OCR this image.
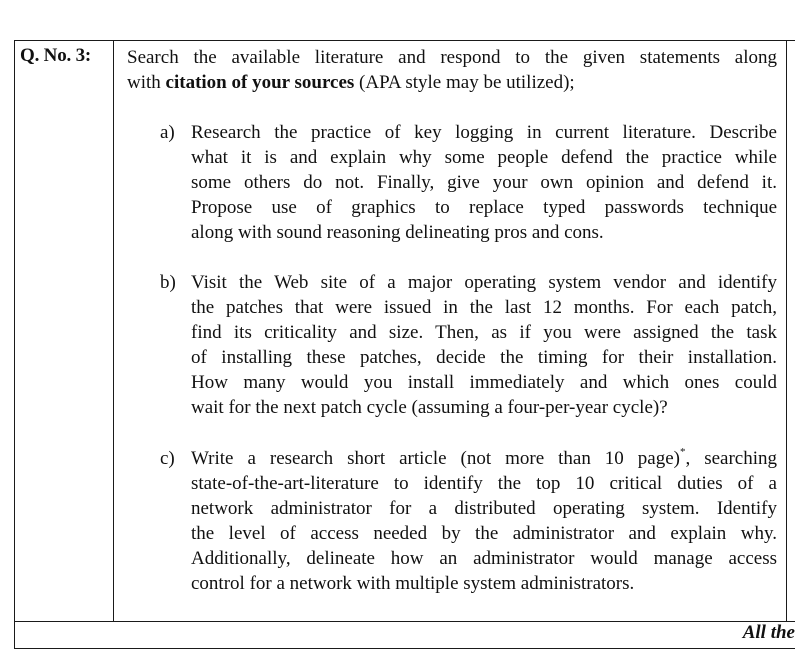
Q. No. 3: Search the available literature and respond to the given statements along
with citation of your sources (APA style may be utilized);
a) Research the practice of key logging in current literature. Describe
what it is and explain why some people defend the practice while
some others do not. Finally, give your own opinion and defend it.
Propose use of graphics to replace typed passwords technique
along with sound reasoning delineating pros and cons.
b) Visit the Web site of a major operating system vendor and identify
the patches that were issued in the last 12 months. For each patch,
find its criticality and size. Then, as if you were assigned the task
of installing these patches, decide the timing for their installation.
How many would you install immediately and which ones could
wait for the next patch cycle (assuming a four-per-year cycle)?
c) Write a research short article (not more than 10 page)*, searching
state-of-the-art-literature to identify the top 10 critical duties of a
network administrator for a distributed operating system. Identify
the level of access needed by the administrator and explain why.
Additionally, delineate how an administrator would manage access
control for a network with multiple system administrators.
All the
